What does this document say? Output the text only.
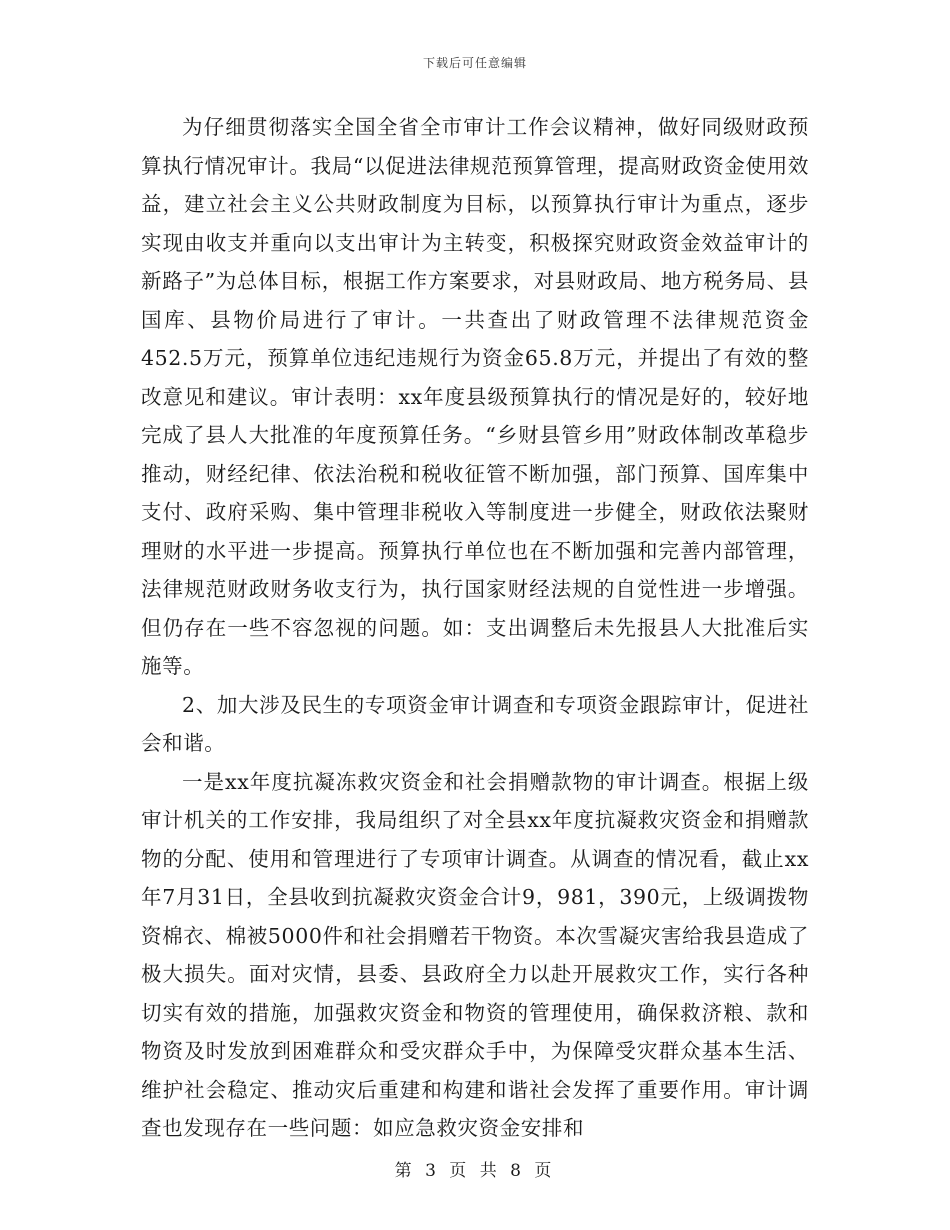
下载后可任意编辑

为仔细贯彻落实全国全省全市审计工作会议精神，做好同级财政预算执行情况审计。我局“以促进法律规范预算管理，提高财政资金使用效益，建立社会主义公共财政制度为目标，以预算执行审计为重点，逐步实现由收支并重向以支出审计为主转变，积极探究财政资金效益审计的新路子”为总体目标，根据工作方案要求，对县财政局、地方税务局、县国库、县物价局进行了审计。一共查出了财政管理不法律规范资金452.5万元，预算单位违纪违规行为资金65.8万元，并提出了有效的整改意见和建议。审计表明：xx年度县级预算执行的情况是好的，较好地完成了县人大批准的年度预算任务。“乡财县管乡用”财政体制改革稳步推动，财经纪律、依法治税和税收征管不断加强，部门预算、国库集中支付、政府采购、集中管理非税收入等制度进一步健全，财政依法聚财理财的水平进一步提高。预算执行单位也在不断加强和完善内部管理，法律规范财政财务收支行为，执行国家财经法规的自觉性进一步增强。但仍存在一些不容忽视的问题。如：支出调整后未先报县人大批准后实施等。

2、加大涉及民生的专项资金审计调查和专项资金跟踪审计，促进社会和谐。

一是xx年度抗凝冻救灾资金和社会捐赠款物的审计调查。根据上级审计机关的工作安排，我局组织了对全县xx年度抗凝救灾资金和捐赠款物的分配、使用和管理进行了专项审计调查。从调查的情况看，截止xx年7月31日，全县收到抗凝救灾资金合计9，981，390元，上级调拨物资棉衣、棉被5000件和社会捐赠若干物资。本次雪凝灾害给我县造成了极大损失。面对灾情，县委、县政府全力以赴开展救灾工作，实行各种切实有效的措施，加强救灾资金和物资的管理使用，确保救济粮、款和物资及时发放到困难群众和受灾群众手中，为保障受灾群众基本生活、维护社会稳定、推动灾后重建和构建和谐社会发挥了重要作用。审计调查也发现存在一些问题：如应急救灾资金安排和

第 3 页 共 8 页
